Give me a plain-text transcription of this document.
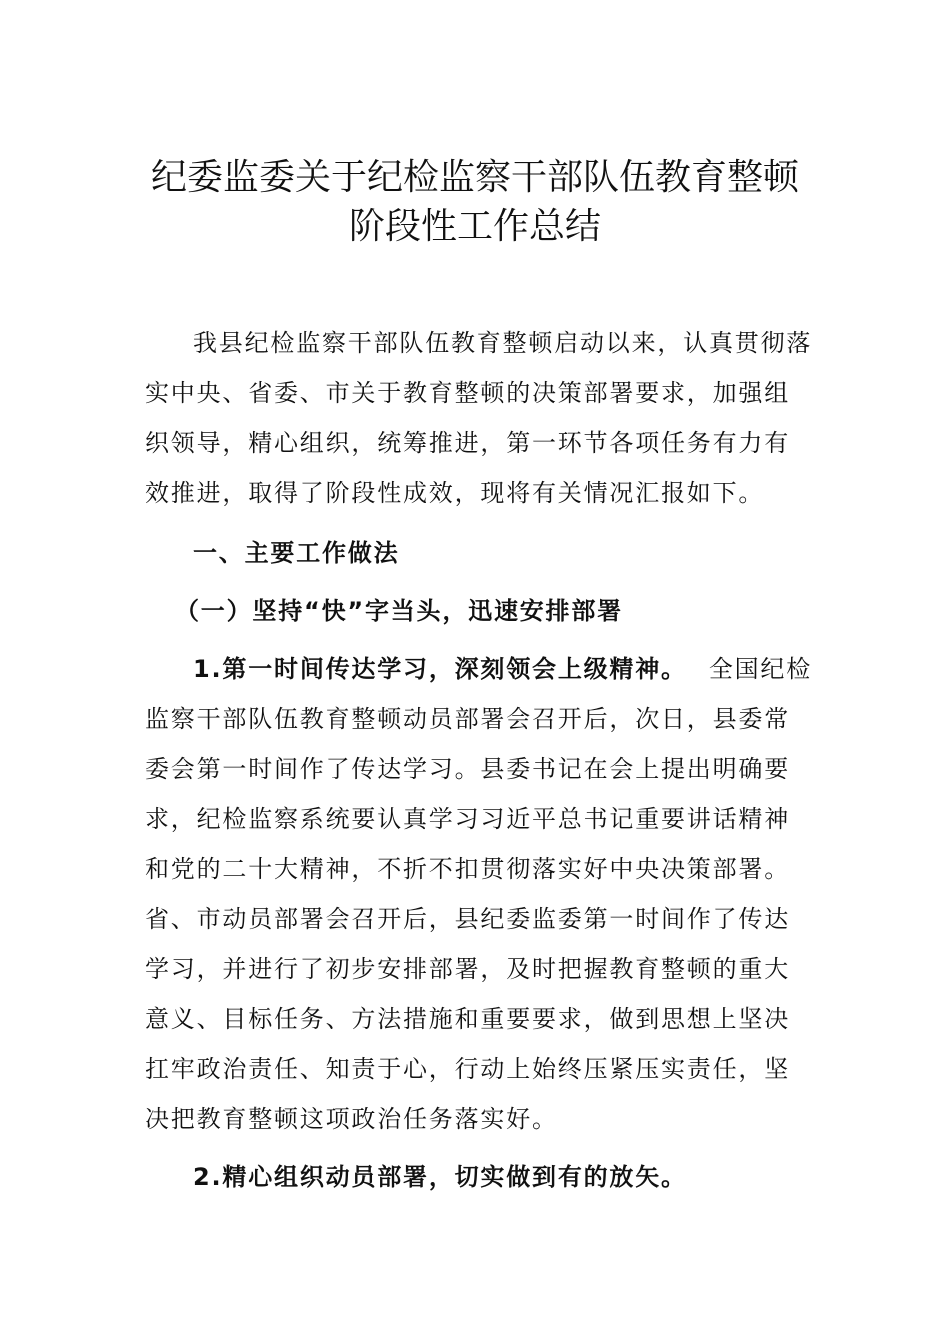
纪委监委关于纪检监察干部队伍教育整顿
阶段性工作总结
我县纪检监察干部队伍教育整顿启动以来，认真贯彻落
实中央、省委、市关于教育整顿的决策部署要求，加强组
织领导，精心组织，统筹推进，第一环节各项任务有力有
效推进，取得了阶段性成效，现将有关情况汇报如下。
一、主要工作做法
（一）坚持“快”字当头，迅速安排部署
1.第一时间传达学习，深刻领会上级精神。 全国纪检
监察干部队伍教育整顿动员部署会召开后，次日，县委常
委会第一时间作了传达学习。县委书记在会上提出明确要
求，纪检监察系统要认真学习习近平总书记重要讲话精神
和党的二十大精神，不折不扣贯彻落实好中央决策部署。
省、市动员部署会召开后，县纪委监委第一时间作了传达
学习，并进行了初步安排部署，及时把握教育整顿的重大
意义、目标任务、方法措施和重要要求，做到思想上坚决
扛牢政治责任、知责于心，行动上始终压紧压实责任，坚
决把教育整顿这项政治任务落实好。
2.精心组织动员部署，切实做到有的放矢。
